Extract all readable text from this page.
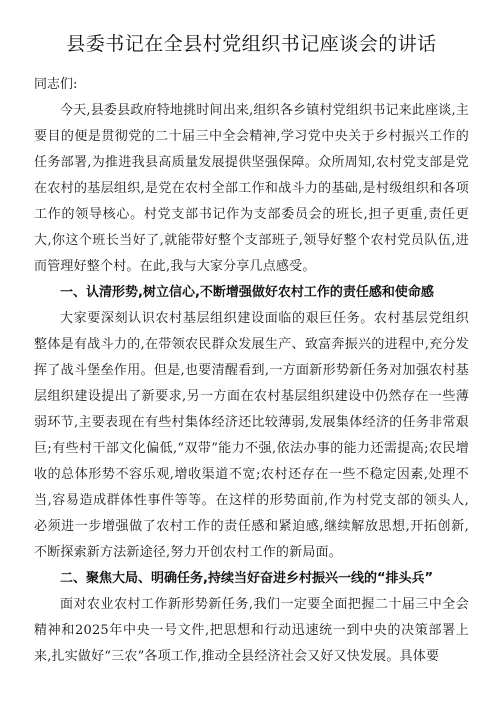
县委书记在全县村党组织书记座谈会的讲话

同志们:

今天,县委县政府特地挑时间出来,组织各乡镇村党组织书记来此座谈,主要目的便是贯彻党的二十届三中全会精神,学习党中央关于乡村振兴工作的任务部署,为推进我县高质量发展提供坚强保障。众所周知,农村党支部是党在农村的基层组织,是党在农村全部工作和战斗力的基础,是村级组织和各项工作的领导核心。村党支部书记作为支部委员会的班长,担子更重,责任更大,你这个班长当好了,就能带好整个支部班子,领导好整个农村党员队伍,进而管理好整个村。在此,我与大家分享几点感受。

一、认清形势,树立信心,不断增强做好农村工作的责任感和使命感

大家要深刻认识农村基层组织建设面临的艰巨任务。农村基层党组织整体是有战斗力的,在带领农民群众发展生产、致富奔振兴的进程中,充分发挥了战斗堡垒作用。但是,也要清醒看到,一方面新形势新任务对加强农村基层组织建设提出了新要求,另一方面在农村基层组织建设中仍然存在一些薄弱环节,主要表现在有些村集体经济还比较薄弱,发展集体经济的任务非常艰巨;有些村干部文化偏低,“双带”能力不强,依法办事的能力还需提高;农民增收的总体形势不容乐观,增收渠道不宽;农村还存在一些不稳定因素,处理不当,容易造成群体性事件等等。在这样的形势面前,作为村党支部的领头人,必须进一步增强做了农村工作的责任感和紧迫感,继续解放思想,开拓创新,不断探索新方法新途径,努力开创农村工作的新局面。

二、聚焦大局、明确任务,持续当好奋进乡村振兴一线的“排头兵”

面对农业农村工作新形势新任务,我们一定要全面把握二十届三中全会精神和2025年中央一号文件,把思想和行动迅速统一到中央的决策部署上来,扎实做好“三农”各项工作,推动全县经济社会又好又快发展。具体要
